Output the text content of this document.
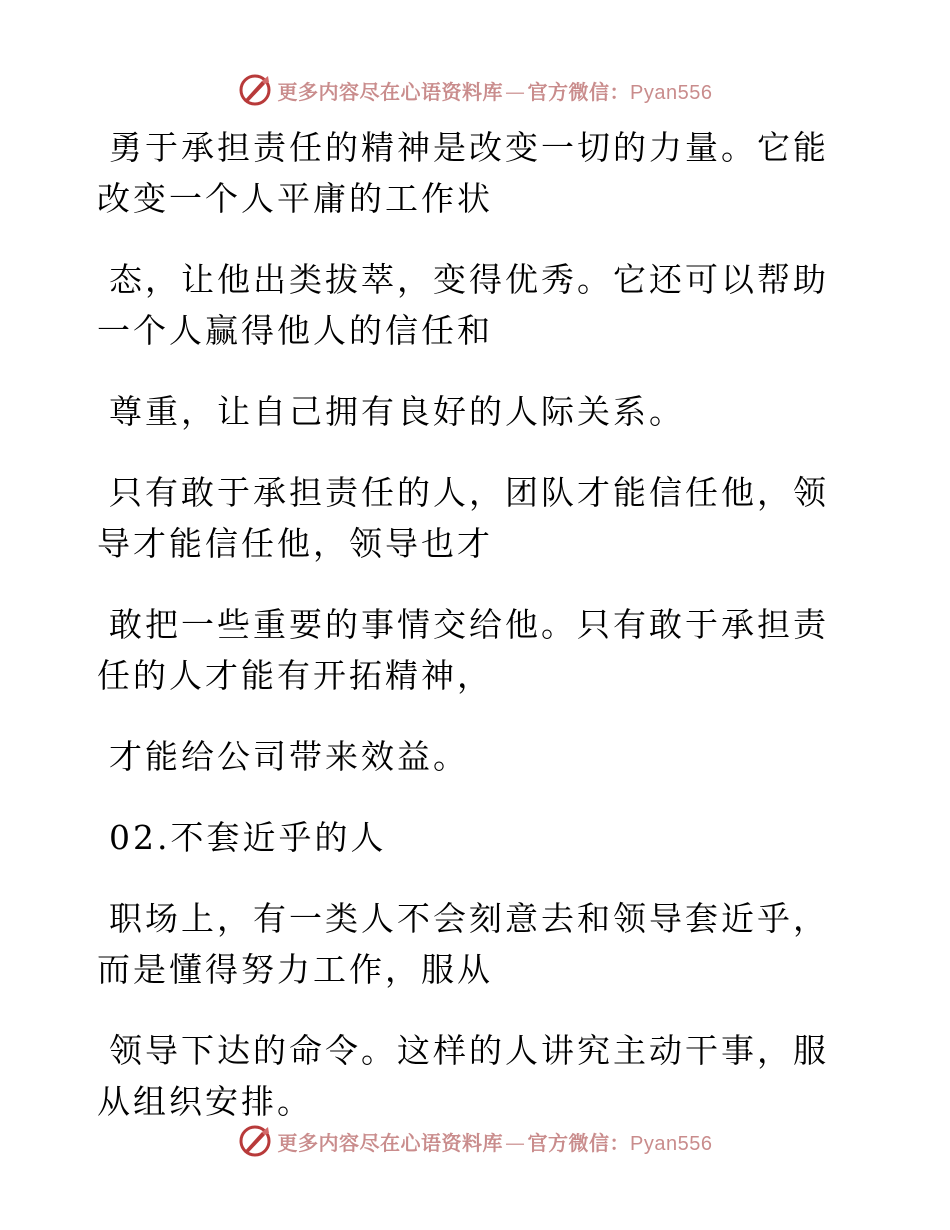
更多内容尽在心语资料库 — 官方微信：Pyan556

勇于承担责任的精神是改变一切的力量。它能改变一个人平庸的工作状

态，让他出类拔萃，变得优秀。它还可以帮助一个人赢得他人的信任和

尊重，让自己拥有良好的人际关系。

只有敢于承担责任的人，团队才能信任他，领导才能信任他，领导也才

敢把一些重要的事情交给他。只有敢于承担责任的人才能有开拓精神，

才能给公司带来效益。

02.不套近乎的人

职场上，有一类人不会刻意去和领导套近乎，而是懂得努力工作，服从

领导下达的命令。这样的人讲究主动干事，服从组织安排。

更多内容尽在心语资料库 — 官方微信：Pyan556
